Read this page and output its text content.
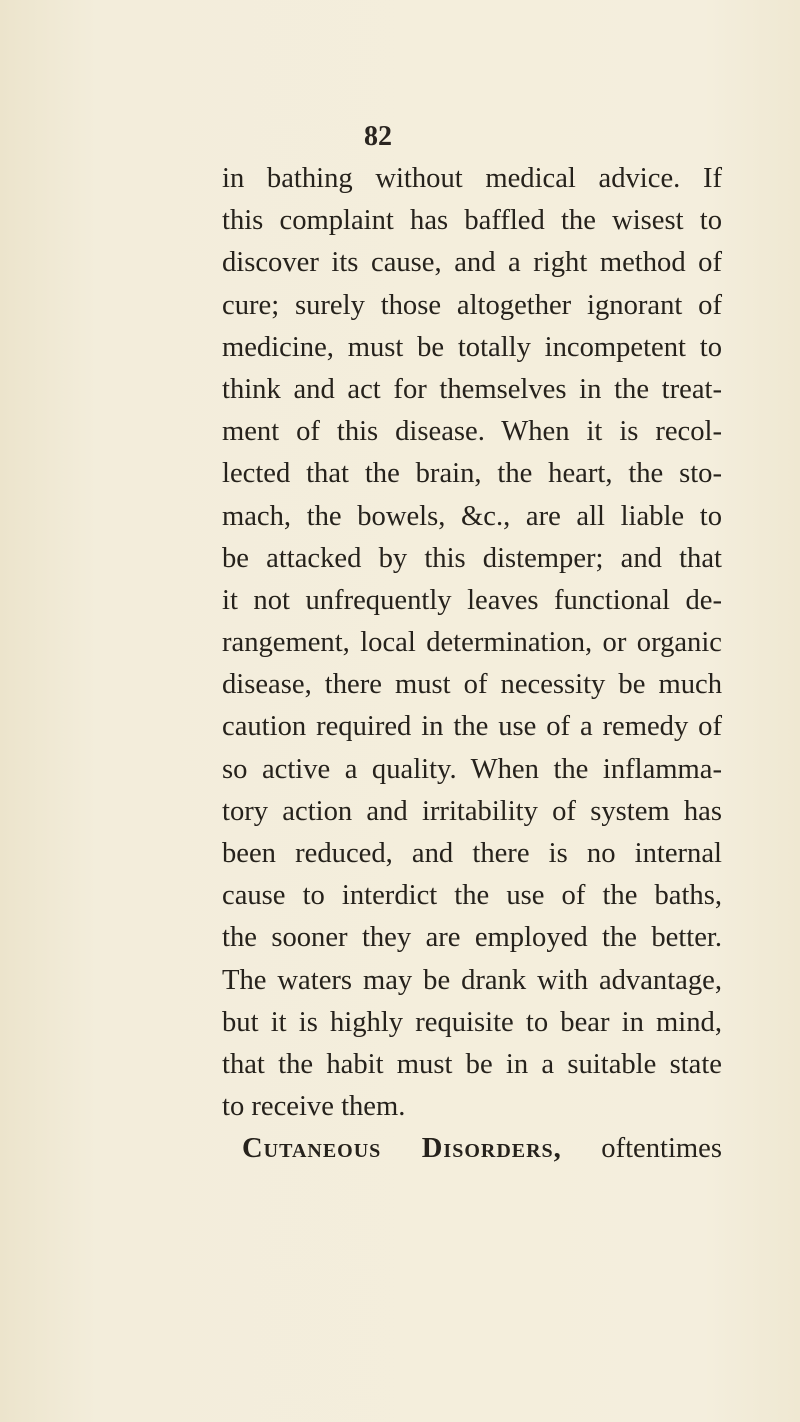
82
in bathing without medical advice. If
this complaint has baffled the wisest to
discover its cause, and a right method of
cure; surely those altogether ignorant of
medicine, must be totally incompetent to
think and act for themselves in the treat-
ment of this disease. When it is recol-
lected that the brain, the heart, the sto-
mach, the bowels, &c., are all liable to
be attacked by this distemper; and that
it not unfrequently leaves functional de-
rangement, local determination, or organic
disease, there must of necessity be much
caution required in the use of a remedy of
so active a quality. When the inflamma-
tory action and irritability of system has
been reduced, and there is no internal
cause to interdict the use of the baths,
the sooner they are employed the better.
The waters may be drank with advantage,
but it is highly requisite to bear in mind,
that the habit must be in a suitable state
to receive them.
Cutaneous Disorders, oftentimes
